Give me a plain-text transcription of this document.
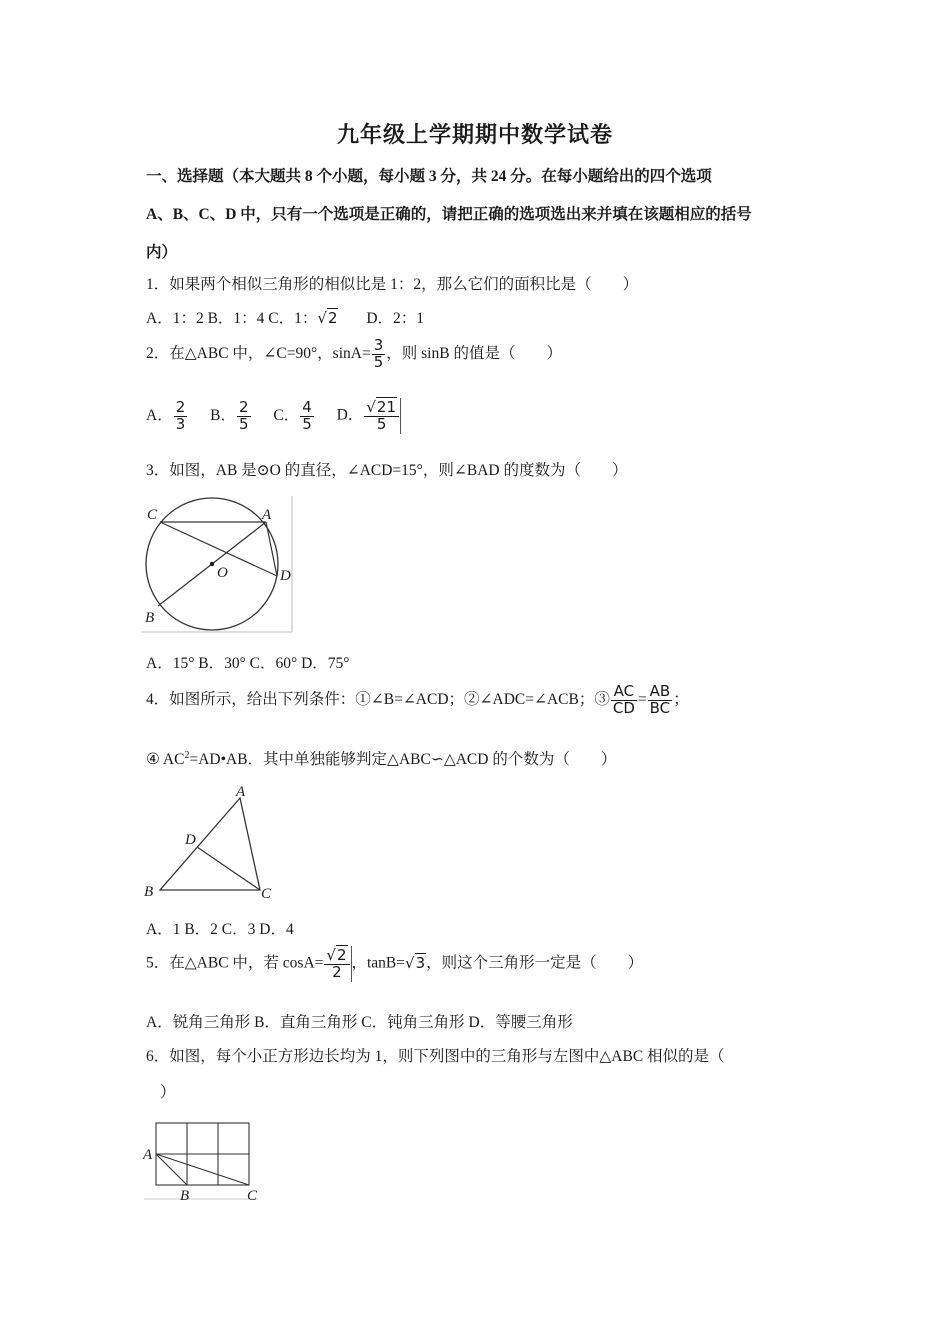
九年级上学期期中数学试卷
一、选择题（本大题共 8 个小题，每小题 3 分，共 24 分。在每小题给出的四个选项
A、B、C、D 中，只有一个选项是正确的，请把正确的选项选出来并填在该题相应的括号
内）
1．如果两个相似三角形的相似比是 1：2，那么它们的面积比是（　　）
A．1：2 B．1：4 C．1：√2 D．2：1
2．在△ABC 中，∠C=90°，$\sin A= \frac{3}{5}$ ，则 sinB 的值是（　　）
A． $\frac{2}{3}$ B． $\frac{2}{5}$ C． $\frac{4}{5}$ D． $\frac{√21}{5}$
3．如图，AB 是⊙O 的直径，∠ACD=15°，则∠BAD 的度数为（　　）
C	A
O	D
B
A．15° B．30° C．60° D．75°
4．如图所示，给出下列条件：①∠B=∠ACD；②∠ADC=∠ACB；③ $\frac{AC}{CD} = \frac{AB}{BC}$ ；
④ $AC^2=AD•AB$．其中单独能够判定△ABC∽△ACD 的个数为（　　）
A
D
B	C
A．1 B．2 C．3 D．4
5．在△ABC 中，若 $\cos A= \frac{√2}{2}$ ，tanB=√3，则这个三角形一定是（　　）
A．锐角三角形 B．直角三角形 C．钝角三角形 D．等腰三角形
6．如图，每个小正方形边长均为 1，则下列图中的三角形与左图中△ABC 相似的是（
）
A
B	C
